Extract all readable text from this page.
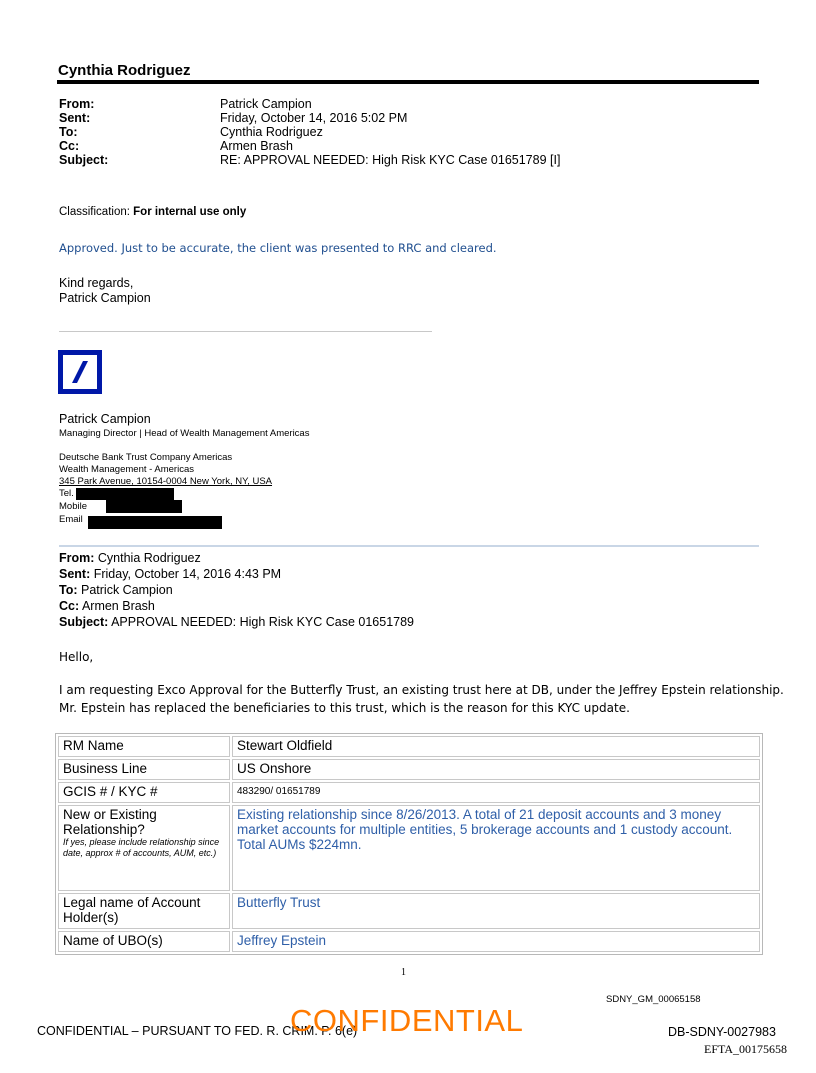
Cynthia Rodriguez
From:	Patrick Campion
Sent:	Friday, October 14, 2016 5:02 PM
To:	Cynthia Rodriguez
Cc:	Armen Brash
Subject:	RE: APPROVAL NEEDED: High Risk KYC Case 01651789 [I]
Classification: For internal use only
Approved. Just to be accurate, the client was presented to RRC and cleared.
Kind regards,
Patrick Campion
Patrick Campion
Managing Director | Head of Wealth Management Americas
Deutsche Bank Trust Company Americas
Wealth Management - Americas
345 Park Avenue, 10154-0004 New York, NY, USA
Tel.
Mobile
Email
From: Cynthia Rodriguez
Sent: Friday, October 14, 2016 4:43 PM
To: Patrick Campion
Cc: Armen Brash
Subject: APPROVAL NEEDED: High Risk KYC Case 01651789
Hello,
I am requesting Exco Approval for the Butterfly Trust, an existing trust here at DB, under the Jeffrey Epstein relationship.
Mr. Epstein has replaced the beneficiaries to this trust, which is the reason for this KYC update.
RM Name	Stewart Oldfield
Business Line	US Onshore
GCIS # / KYC #	483290/ 01651789

New or Existing Relationship?
If yes, please include relationship since date, approx # of accounts, AUM, etc.)	Existing relationship since 8/26/2013. A total of 21 deposit accounts and 3 money market accounts for multiple entities, 5 brokerage accounts and 1 custody account. Total AUMs $224mn.
Legal name of Account Holder(s)	Butterfly Trust
Name of UBO(s)	Jeffrey Epstein
1
SDNY_GM_00065158
CONFIDENTIAL – PURSUANT TO FED. R. CRIM. P. 6(e)
CONFIDENTIAL	DB-SDNY-0027983
EFTA_00175658
